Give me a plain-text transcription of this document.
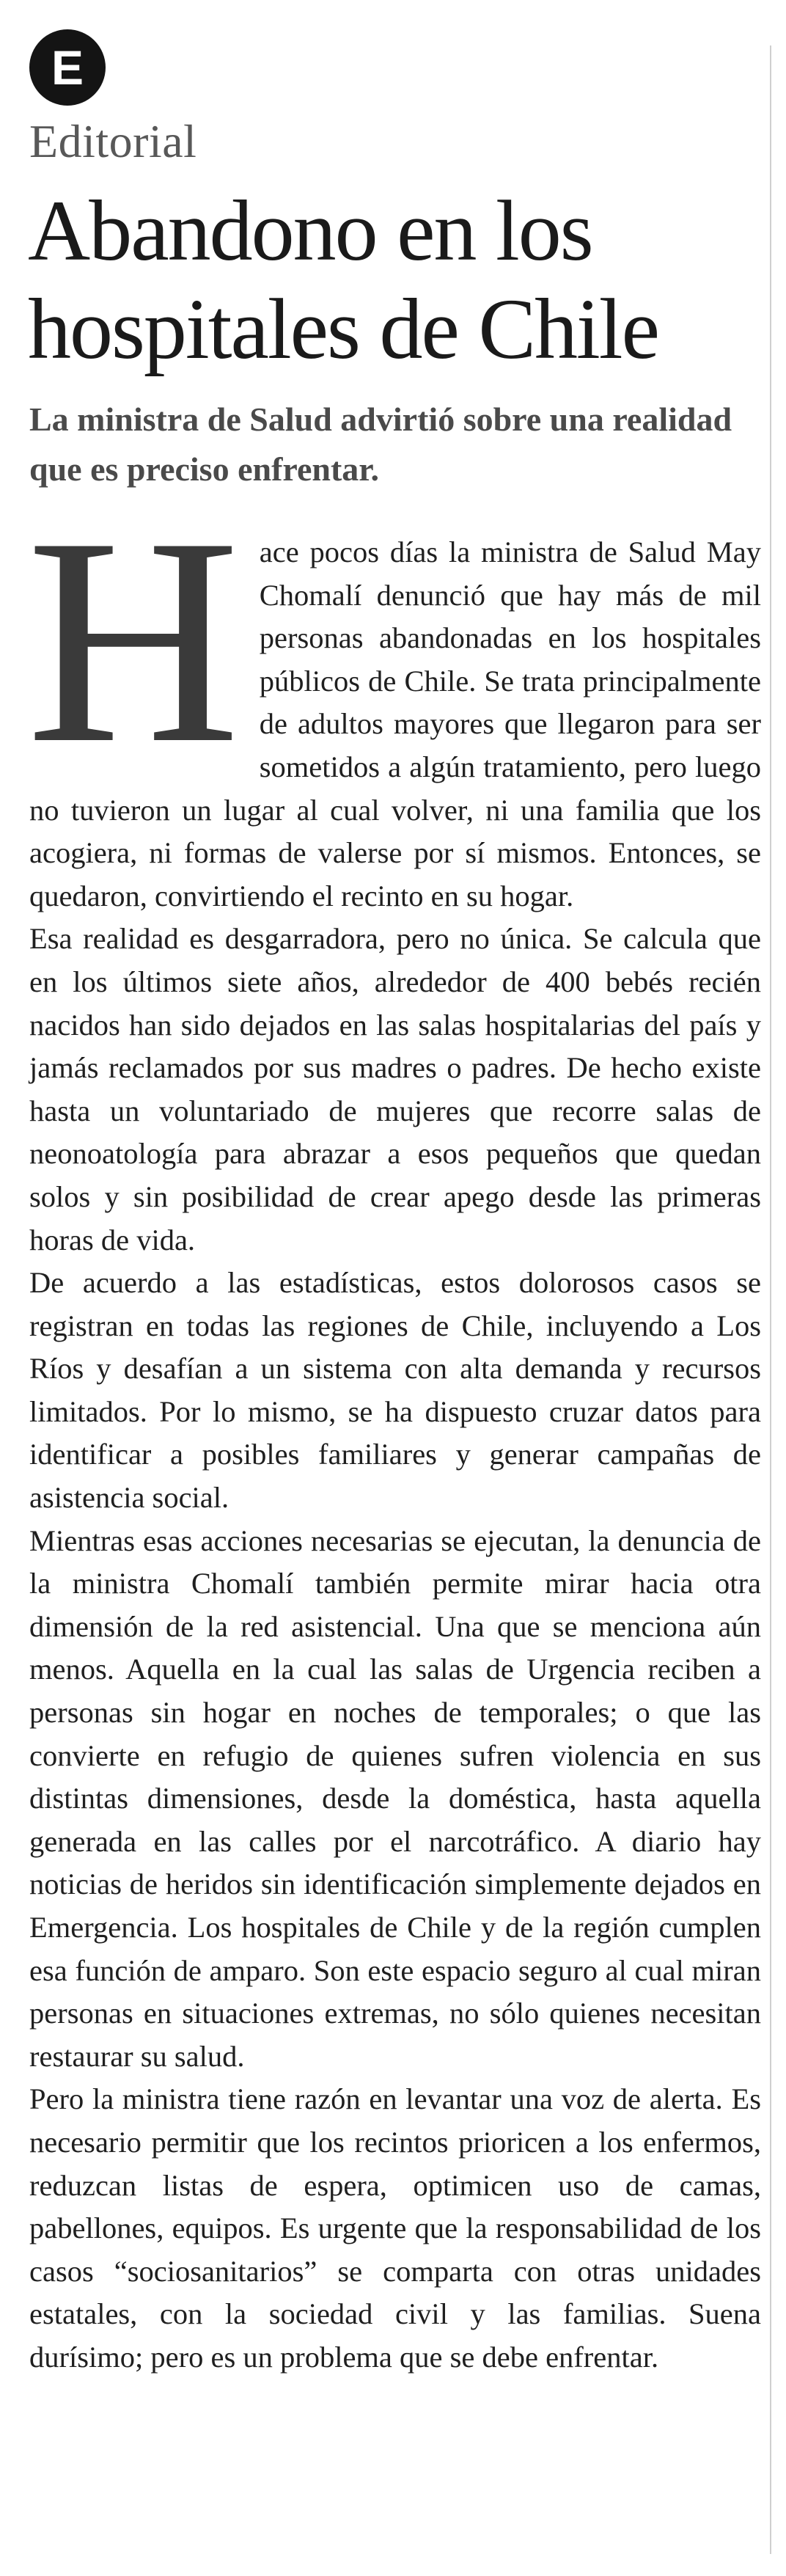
E
Editorial
Abandono en los hospitales de Chile
La ministra de Salud advirtió sobre una realidad que es preciso enfrentar.

Hace pocos días la ministra de Salud May Chomalí denunció que hay más de mil personas abandonadas en los hospitales públicos de Chile. Se trata principalmente de adultos mayores que llegaron para ser sometidos a algún tratamiento, pero luego no tuvieron un lugar al cual volver, ni una familia que los acogiera, ni formas de valerse por sí mismos. Entonces, se quedaron, convirtiendo el recinto en su hogar.

Esa realidad es desgarradora, pero no única. Se calcula que en los últimos siete años, alrededor de 400 bebés recién nacidos han sido dejados en las salas hospitalarias del país y jamás reclamados por sus madres o padres. De hecho existe hasta un voluntariado de mujeres que recorre salas de neonoatología para abrazar a esos pequeños que quedan solos y sin posibilidad de crear apego desde las primeras horas de vida.

De acuerdo a las estadísticas, estos dolorosos casos se registran en todas las regiones de Chile, incluyendo a Los Ríos y desafían a un sistema con alta demanda y recursos limitados. Por lo mismo, se ha dispuesto cruzar datos para identificar a posibles familiares y generar campañas de asistencia social.

Mientras esas acciones necesarias se ejecutan, la denuncia de la ministra Chomalí también permite mirar hacia otra dimensión de la red asistencial. Una que se menciona aún menos. Aquella en la cual las salas de Urgencia reciben a personas sin hogar en noches de temporales; o que las convierte en refugio de quienes sufren violencia en sus distintas dimensiones, desde la doméstica, hasta aquella generada en las calles por el narcotráfico. A diario hay noticias de heridos sin identificación simplemente dejados en Emergencia. Los hospitales de Chile y de la región cumplen esa función de amparo. Son este espacio seguro al cual miran personas en situaciones extremas, no sólo quienes necesitan restaurar su salud.

Pero la ministra tiene razón en levantar una voz de alerta. Es necesario permitir que los recintos prioricen a los enfermos, reduzcan listas de espera, optimicen uso de camas, pabellones, equipos. Es urgente que la responsabilidad de los casos “sociosanitarios” se comparta con otras unidades estatales, con la sociedad civil y las familias. Suena durísimo; pero es un problema que se debe enfrentar.
